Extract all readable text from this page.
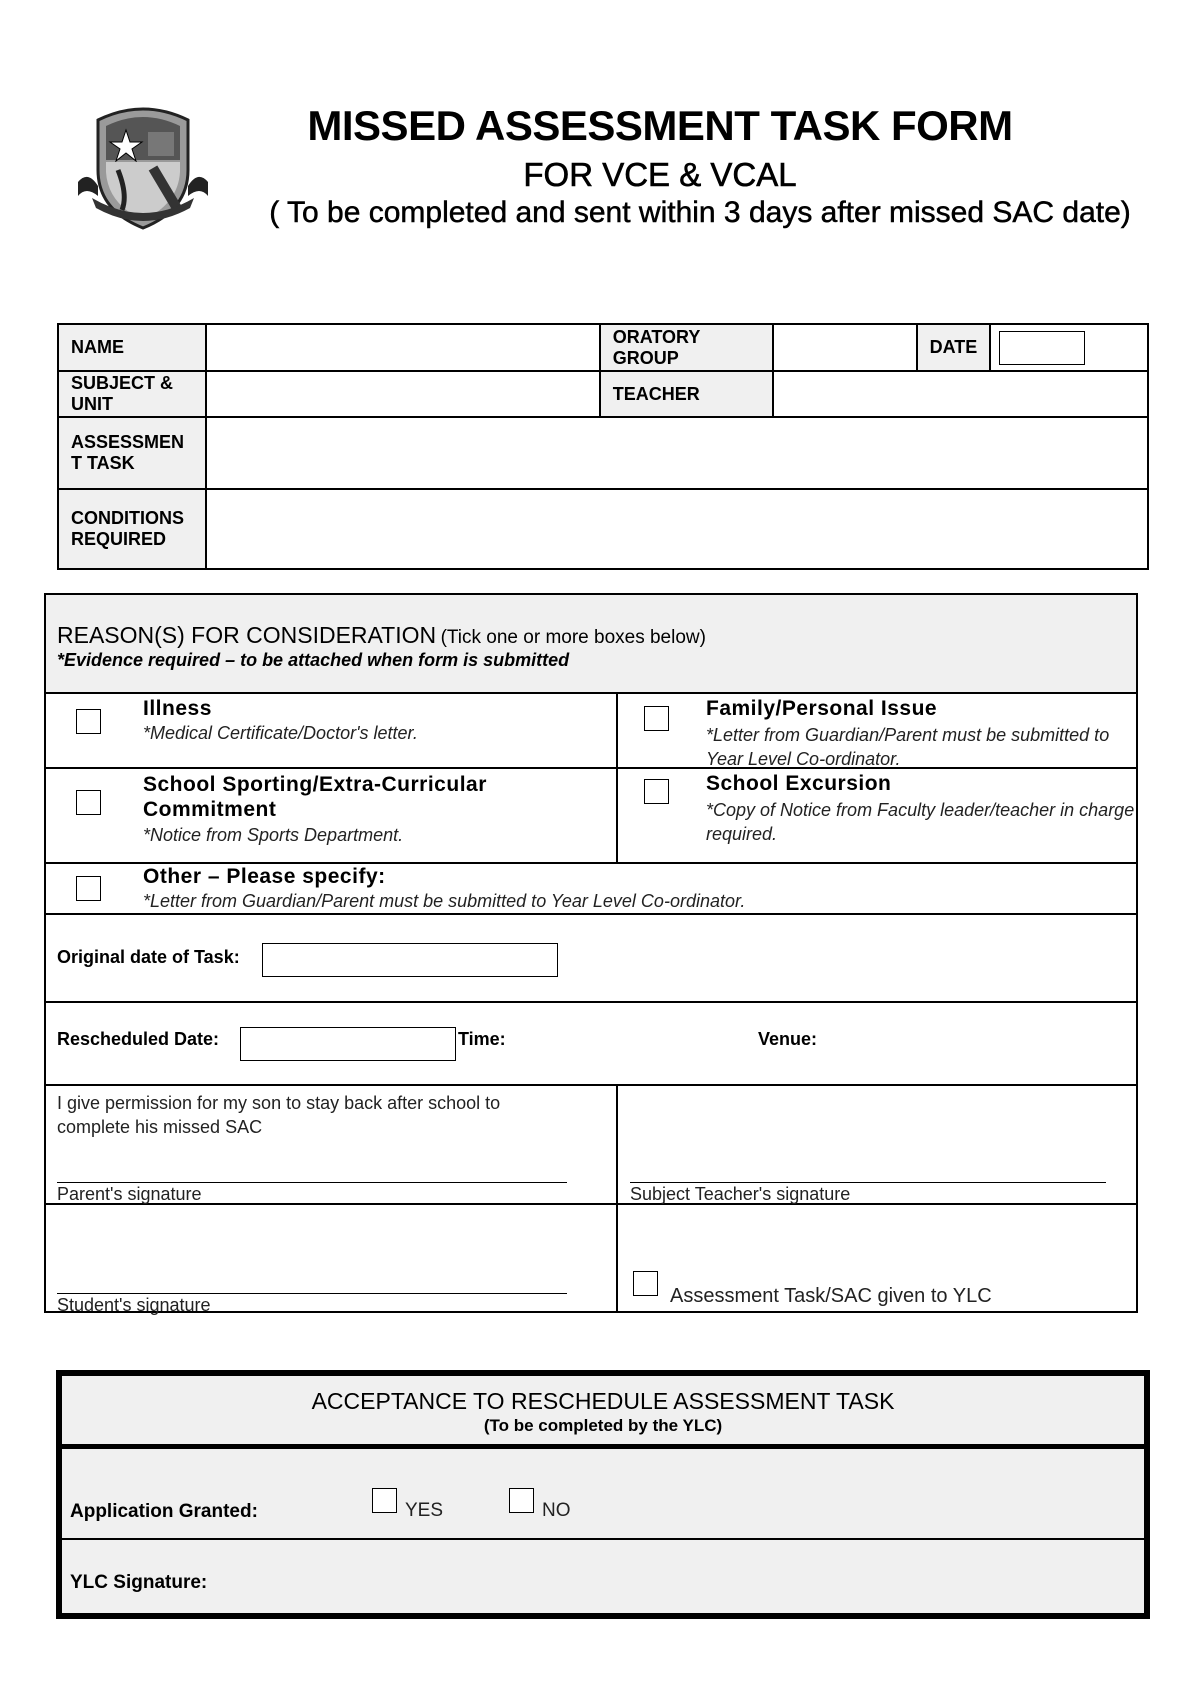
MISSED ASSESSMENT TASK FORM
FOR VCE & VCAL
( To be completed and sent within 3 days after missed SAC date)
NAME		ORATORY GROUP		DATE	

SUBJECT & UNIT		TEACHER			
ASSESSMENT TASK					
CONDITIONS REQUIRED					
REASON(S) FOR CONSIDERATION (Tick one or more boxes below)
*Evidence required – to be attached when form is submitted
Illness
*Medical Certificate/Doctor's letter.
Family/Personal Issue
*Letter from Guardian/Parent must be submitted to Year Level Co-ordinator.
School Sporting/Extra-Curricular Commitment
*Notice from Sports Department.
School Excursion
*Copy of Notice from Faculty leader/teacher in charge required.
Other – Please specify:
*Letter from Guardian/Parent must be submitted to Year Level Co-ordinator.
Original date of Task:
Rescheduled Date:	Time:	Venue:
I give permission for my son to stay back after school to complete his missed SAC
Parent's signature	Subject Teacher's signature
Student's signature	Assessment Task/SAC given to YLC
ACCEPTANCE TO RESCHEDULE ASSESSMENT TASK
(To be completed by the YLC)
Application Granted:	YES	NO
YLC Signature:
